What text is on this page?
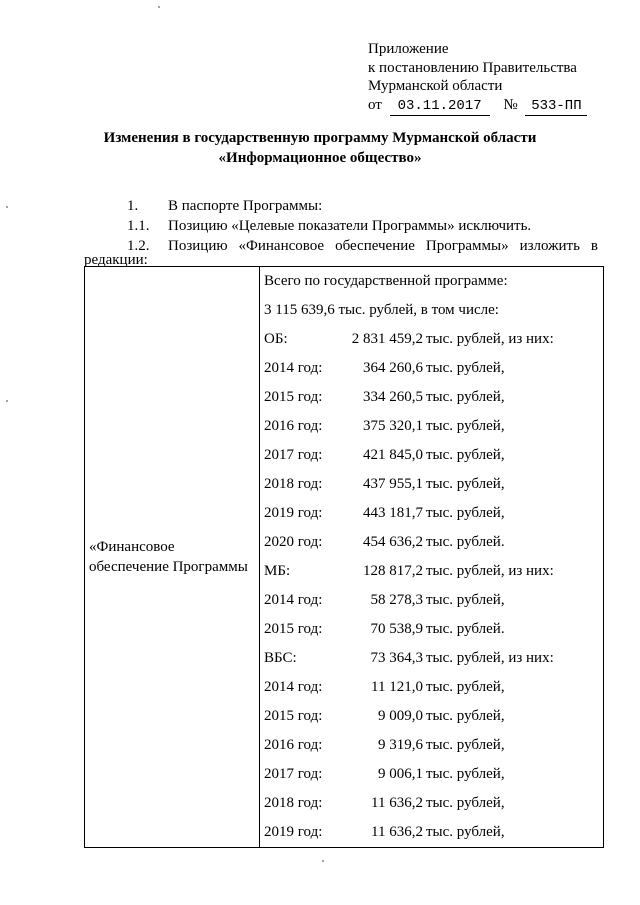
Приложение
к постановлению Правительства
Мурманской области
от 03.11.2017 № 533-ПП
Изменения в государственную программу Мурманской области
«Информационное общество»
1. В паспорте Программы:
1.1. Позицию «Целевые показатели Программы» исключить.
1.2. Позицию «Финансовое обеспечение Программы» изложить в
редакции:
«Финансовое
обеспечение Программы

Всего по государственной программе:
3 115 639,6 тыс. рублей, в том числе:
ОБ:	2 831 459,2 тыс. рублей, из них:
2014 год:	364 260,6 тыс. рублей,
2015 год:	334 260,5 тыс. рублей,
2016 год:	375 320,1 тыс. рублей,
2017 год:	421 845,0 тыс. рублей,
2018 год:	437 955,1 тыс. рублей,
2019 год:	443 181,7 тыс. рублей,
2020 год:	454 636,2 тыс. рублей.
МБ:	128 817,2 тыс. рублей, из них:
2014 год:	58 278,3 тыс. рублей,
2015 год:	70 538,9 тыс. рублей.
ВБС:	73 364,3 тыс. рублей, из них:
2014 год:	11 121,0 тыс. рублей,
2015 год:	9 009,0 тыс. рублей,
2016 год:	9 319,6 тыс. рублей,
2017 год:	9 006,1 тыс. рублей,
2018 год:	11 636,2 тыс. рублей,
2019 год:	11 636,2 тыс. рублей,
